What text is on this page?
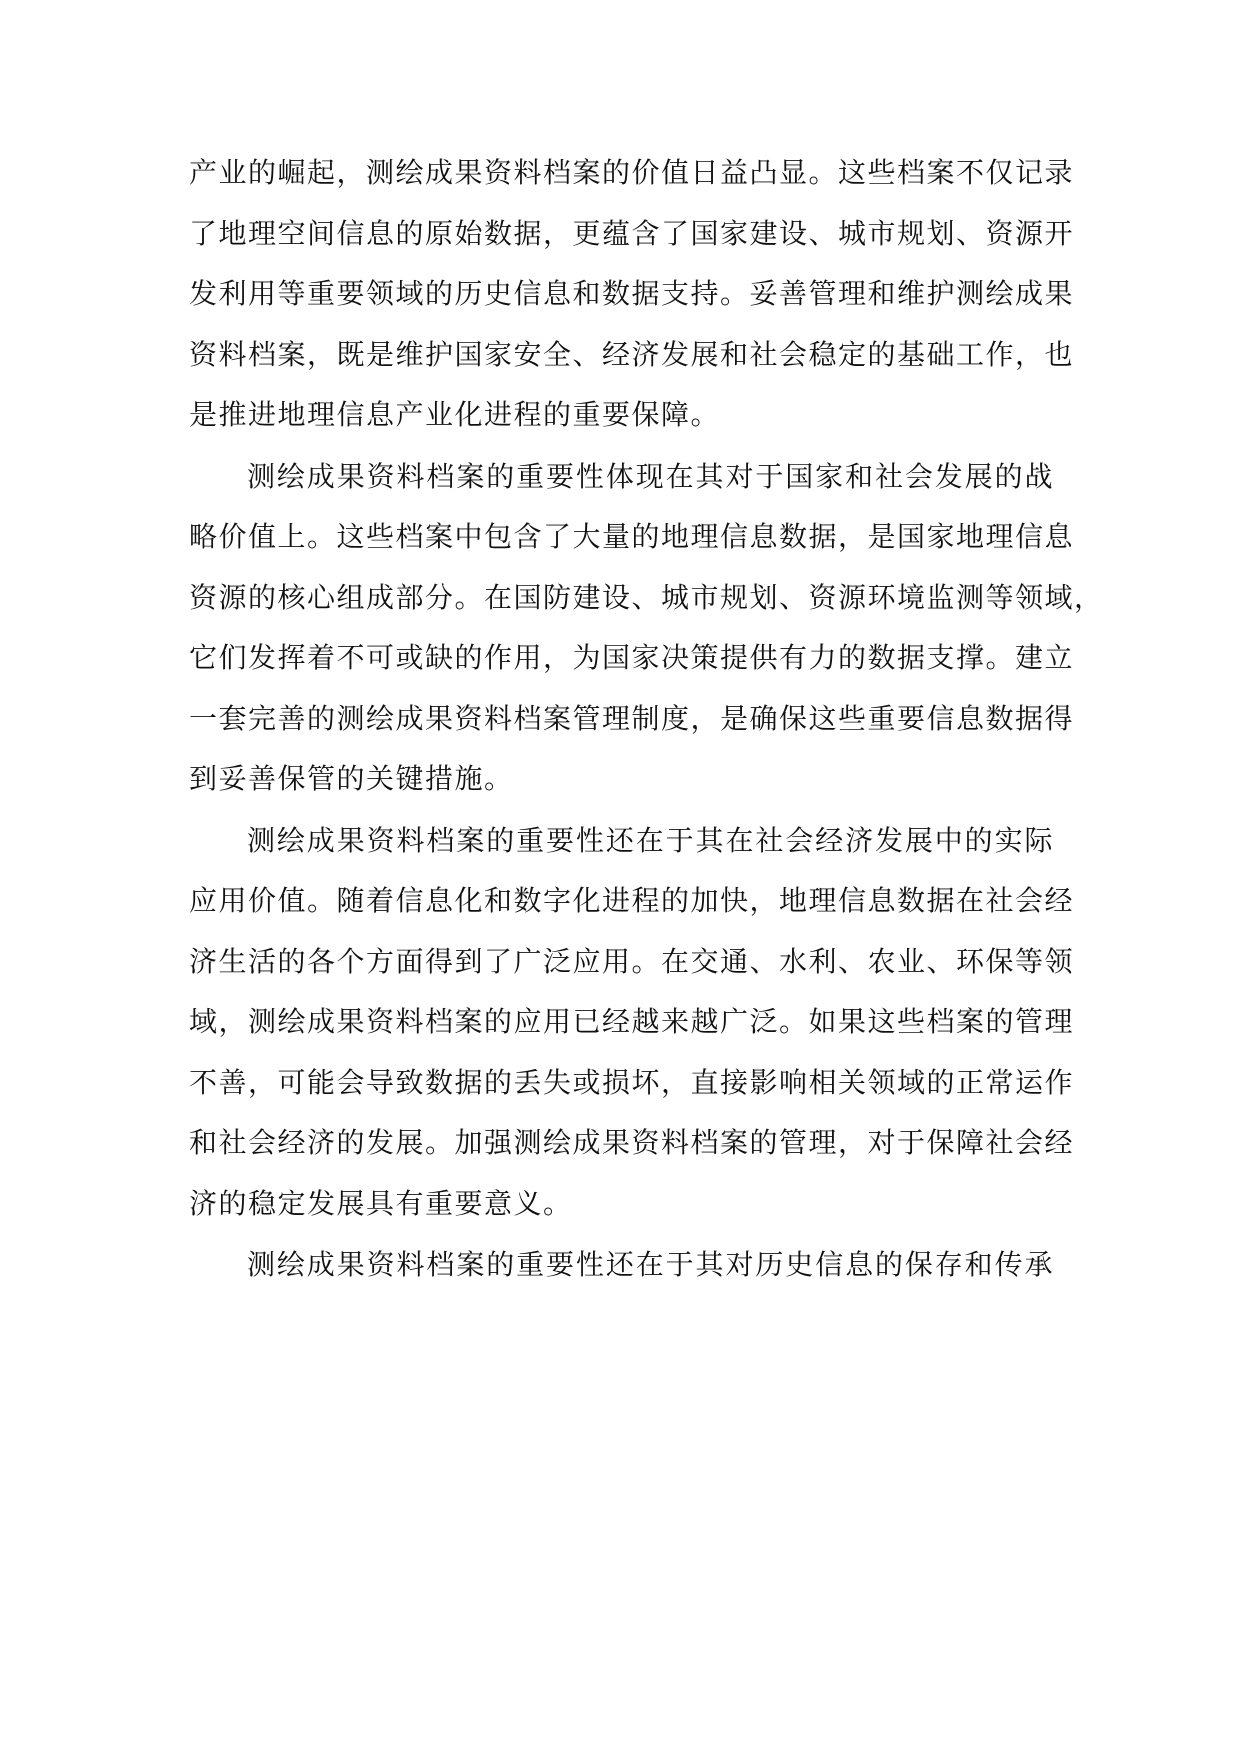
产业的崛起，测绘成果资料档案的价值日益凸显。这些档案不仅记录
了地理空间信息的原始数据，更蕴含了国家建设、城市规划、资源开
发利用等重要领域的历史信息和数据支持。妥善管理和维护测绘成果
资料档案，既是维护国家安全、经济发展和社会稳定的基础工作，也
是推进地理信息产业化进程的重要保障。

测绘成果资料档案的重要性体现在其对于国家和社会发展的战
略价值上。这些档案中包含了大量的地理信息数据，是国家地理信息
资源的核心组成部分。在国防建设、城市规划、资源环境监测等领域，
它们发挥着不可或缺的作用，为国家决策提供有力的数据支撑。建立
一套完善的测绘成果资料档案管理制度，是确保这些重要信息数据得
到妥善保管的关键措施。

测绘成果资料档案的重要性还在于其在社会经济发展中的实际
应用价值。随着信息化和数字化进程的加快，地理信息数据在社会经
济生活的各个方面得到了广泛应用。在交通、水利、农业、环保等领
域，测绘成果资料档案的应用已经越来越广泛。如果这些档案的管理
不善，可能会导致数据的丢失或损坏，直接影响相关领域的正常运作
和社会经济的发展。加强测绘成果资料档案的管理，对于保障社会经
济的稳定发展具有重要意义。

测绘成果资料档案的重要性还在于其对历史信息的保存和传承
